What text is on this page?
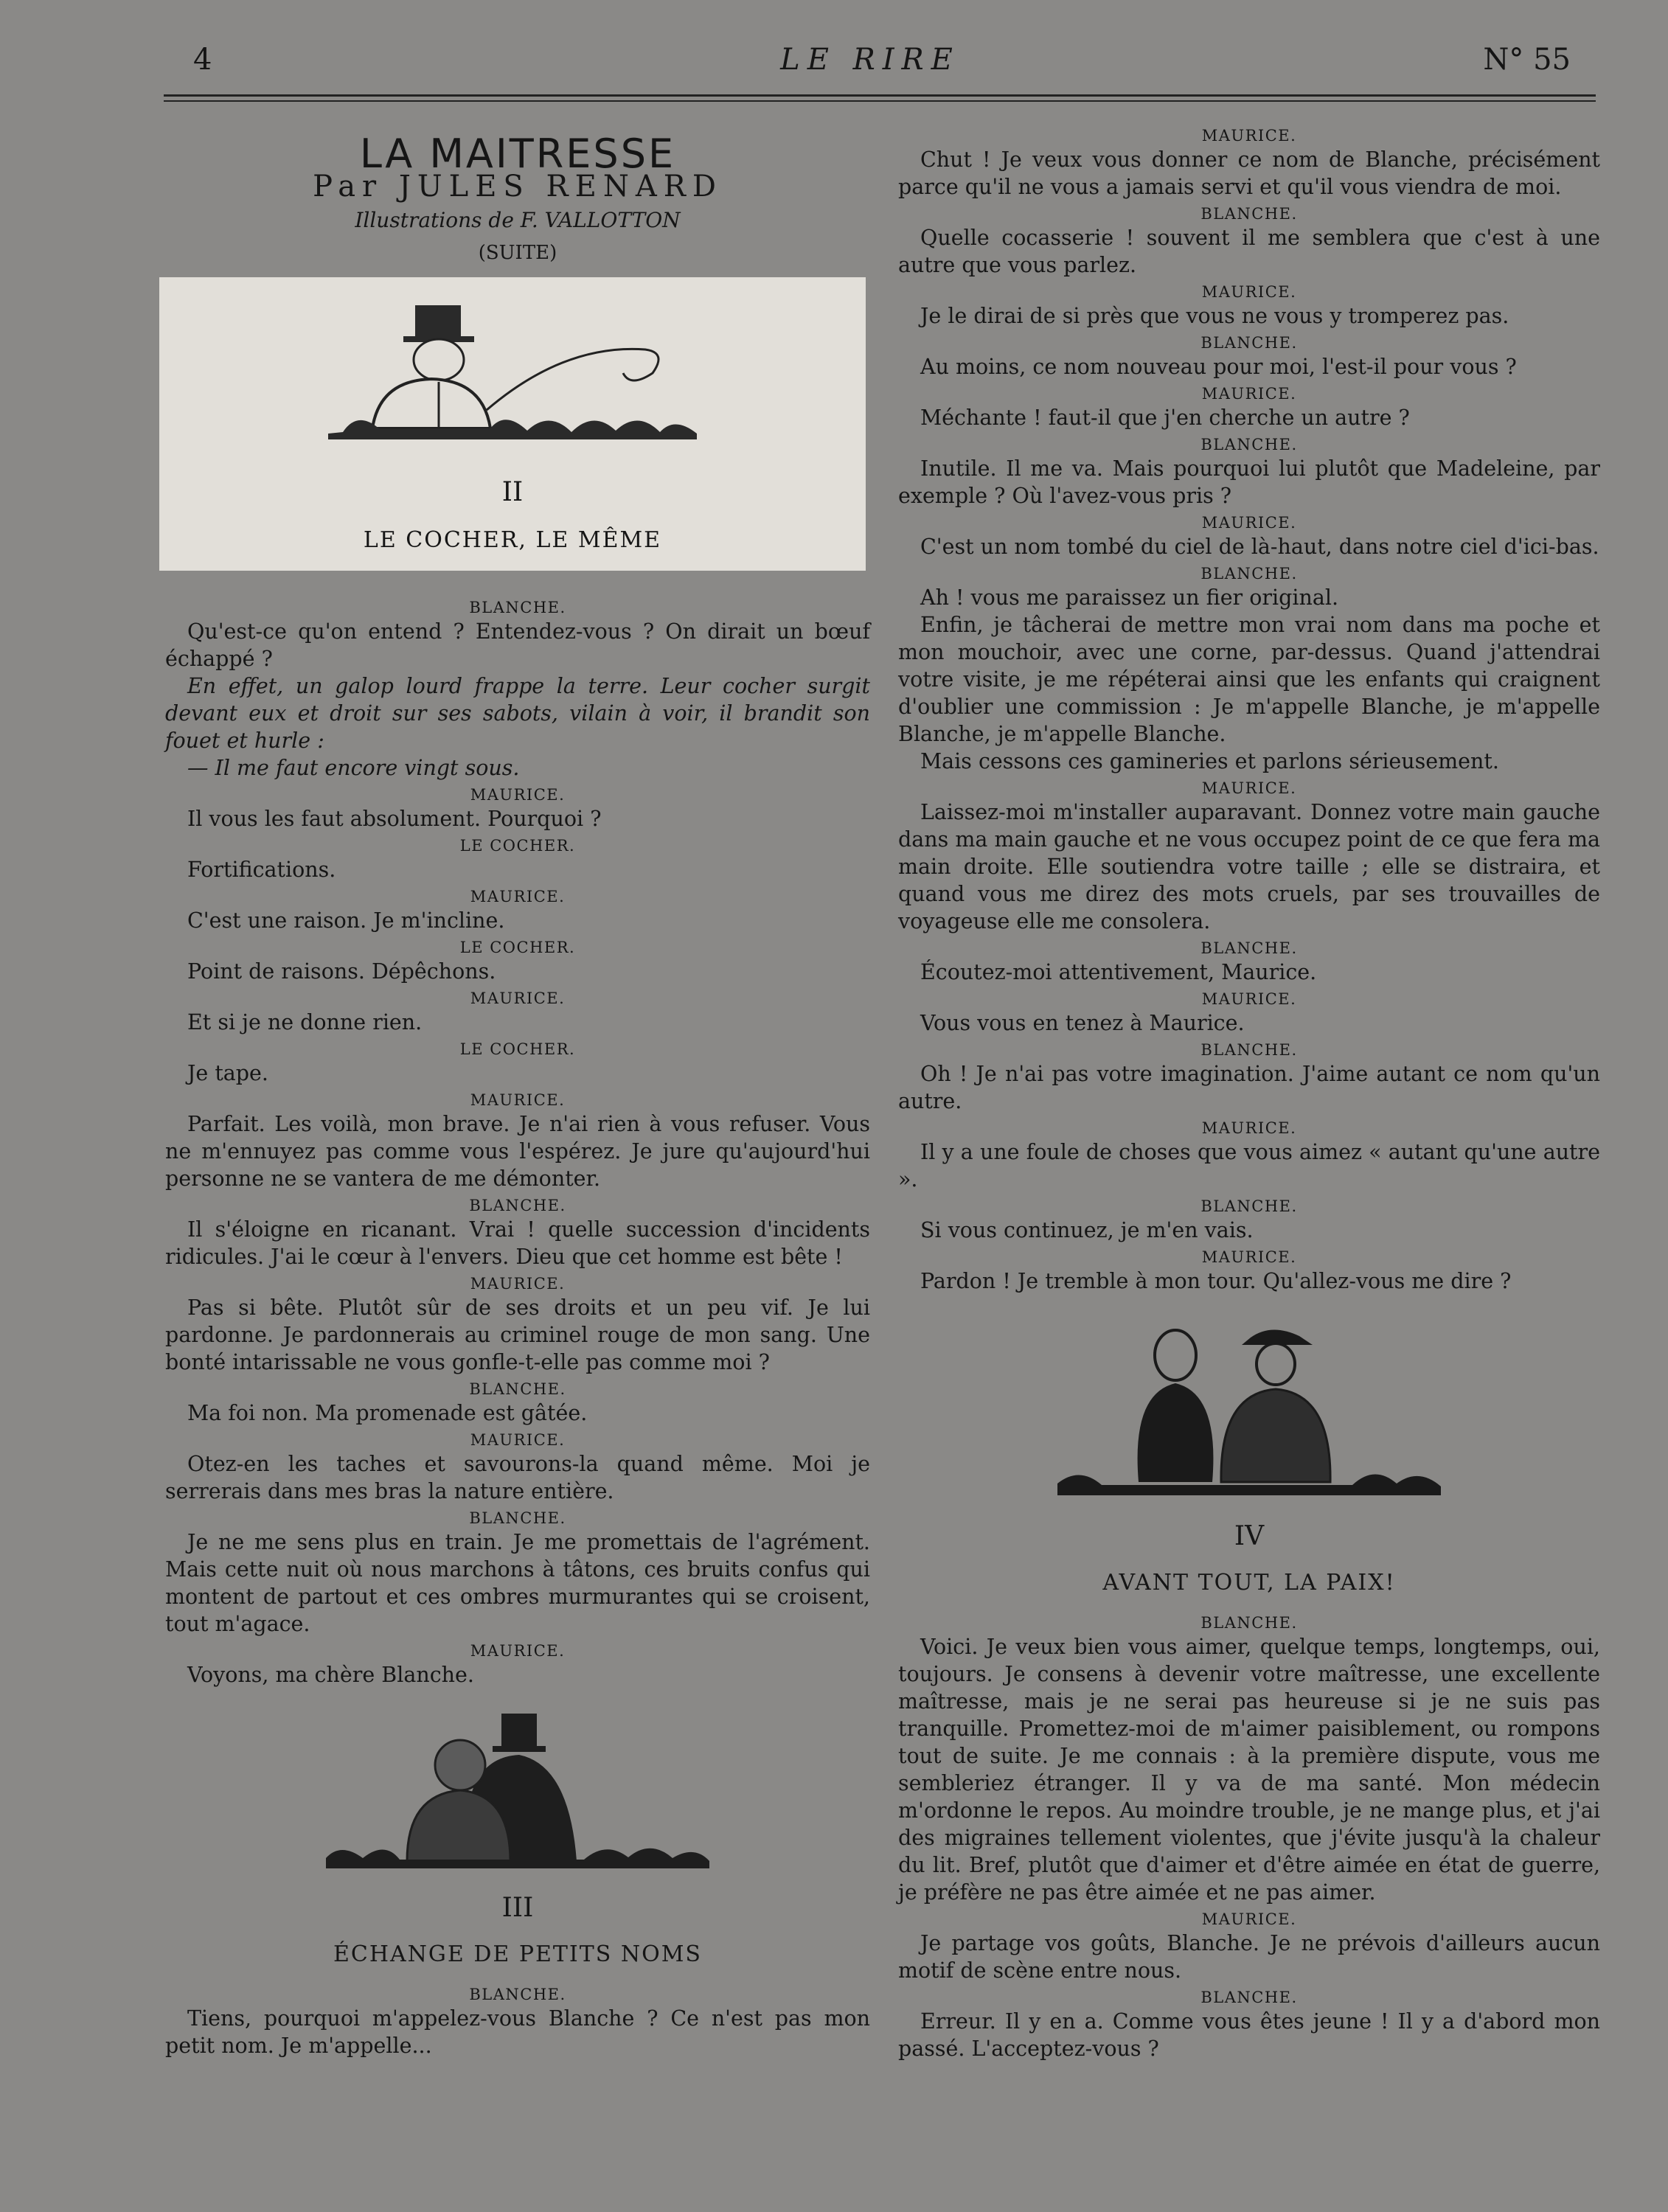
4	LE RIRE	N° 55
LA MAITRESSE
Par JULES RENARD
Illustrations de F. VALLOTTON
(SUITE)
II
LE COCHER, LE MÊME
BLANCHE.

Qu'est-ce qu'on entend ? Entendez-vous ? On dirait un bœuf échappé ?

En effet, un galop lourd frappe la terre. Leur cocher surgit devant eux et droit sur ses sabots, vilain à voir, il brandit son fouet et hurle :

— Il me faut encore vingt sous.

MAURICE.

Il vous les faut absolument. Pourquoi ?

LE COCHER.

Fortifications.

MAURICE.

C'est une raison. Je m'incline.

LE COCHER.

Point de raisons. Dépêchons.

MAURICE.

Et si je ne donne rien.

LE COCHER.

Je tape.

MAURICE.

Parfait. Les voilà, mon brave. Je n'ai rien à vous refuser. Vous ne m'ennuyez pas comme vous l'espérez. Je jure qu'aujourd'hui personne ne se vantera de me démonter.

BLANCHE.

Il s'éloigne en ricanant. Vrai ! quelle succession d'incidents ridicules. J'ai le cœur à l'envers. Dieu que cet homme est bête !

MAURICE.

Pas si bête. Plutôt sûr de ses droits et un peu vif. Je lui pardonne. Je pardonnerais au criminel rouge de mon sang. Une bonté intarissable ne vous gonfle-t-elle pas comme moi ?

BLANCHE.

Ma foi non. Ma promenade est gâtée.

MAURICE.

Otez-en les taches et savourons-la quand même. Moi je serrerais dans mes bras la nature entière.

BLANCHE.

Je ne me sens plus en train. Je me promettais de l'agrément. Mais cette nuit où nous marchons à tâtons, ces bruits confus qui montent de partout et ces ombres murmurantes qui se croisent, tout m'agace.

MAURICE.

Voyons, ma chère Blanche.

III
ÉCHANGE DE PETITS NOMS
BLANCHE.

Tiens, pourquoi m'appelez-vous Blanche ? Ce n'est pas mon petit nom. Je m'appelle...

MAURICE.

Chut ! Je veux vous donner ce nom de Blanche, précisément parce qu'il ne vous a jamais servi et qu'il vous viendra de moi.

BLANCHE.

Quelle cocasserie ! souvent il me semblera que c'est à une autre que vous parlez.

MAURICE.

Je le dirai de si près que vous ne vous y tromperez pas.

BLANCHE.

Au moins, ce nom nouveau pour moi, l'est-il pour vous ?

MAURICE.

Méchante ! faut-il que j'en cherche un autre ?

BLANCHE.

Inutile. Il me va. Mais pourquoi lui plutôt que Madeleine, par exemple ? Où l'avez-vous pris ?

MAURICE.

C'est un nom tombé du ciel de là-haut, dans notre ciel d'ici-bas.

BLANCHE.

Ah ! vous me paraissez un fier original.

Enfin, je tâcherai de mettre mon vrai nom dans ma poche et mon mouchoir, avec une corne, par-dessus. Quand j'attendrai votre visite, je me répéterai ainsi que les enfants qui craignent d'oublier une commission : Je m'appelle Blanche, je m'appelle Blanche, je m'appelle Blanche.

Mais cessons ces gamineries et parlons sérieusement.

MAURICE.

Laissez-moi m'installer auparavant. Donnez votre main gauche dans ma main gauche et ne vous occupez point de ce que fera ma main droite. Elle soutiendra votre taille ; elle se distraira, et quand vous me direz des mots cruels, par ses trouvailles de voyageuse elle me consolera.

BLANCHE.

Écoutez-moi attentivement, Maurice.

MAURICE.

Vous vous en tenez à Maurice.

BLANCHE.

Oh ! Je n'ai pas votre imagination. J'aime autant ce nom qu'un autre.

MAURICE.

Il y a une foule de choses que vous aimez « autant qu'une autre ».

BLANCHE.

Si vous continuez, je m'en vais.

MAURICE.

Pardon ! Je tremble à mon tour. Qu'allez-vous me dire ?

IV
AVANT TOUT, LA PAIX!
BLANCHE.

Voici. Je veux bien vous aimer, quelque temps, longtemps, oui, toujours. Je consens à devenir votre maîtresse, une excellente maîtresse, mais je ne serai pas heureuse si je ne suis pas tranquille. Promettez-moi de m'aimer paisiblement, ou rompons tout de suite. Je me connais : à la première dispute, vous me sembleriez étranger. Il y va de ma santé. Mon médecin m'ordonne le repos. Au moindre trouble, je ne mange plus, et j'ai des migraines tellement violentes, que j'évite jusqu'à la chaleur du lit. Bref, plutôt que d'aimer et d'être aimée en état de guerre, je préfère ne pas être aimée et ne pas aimer.

MAURICE.

Je partage vos goûts, Blanche. Je ne prévois d'ailleurs aucun motif de scène entre nous.

BLANCHE.

Erreur. Il y en a. Comme vous êtes jeune ! Il y a d'abord mon passé. L'acceptez-vous ?
